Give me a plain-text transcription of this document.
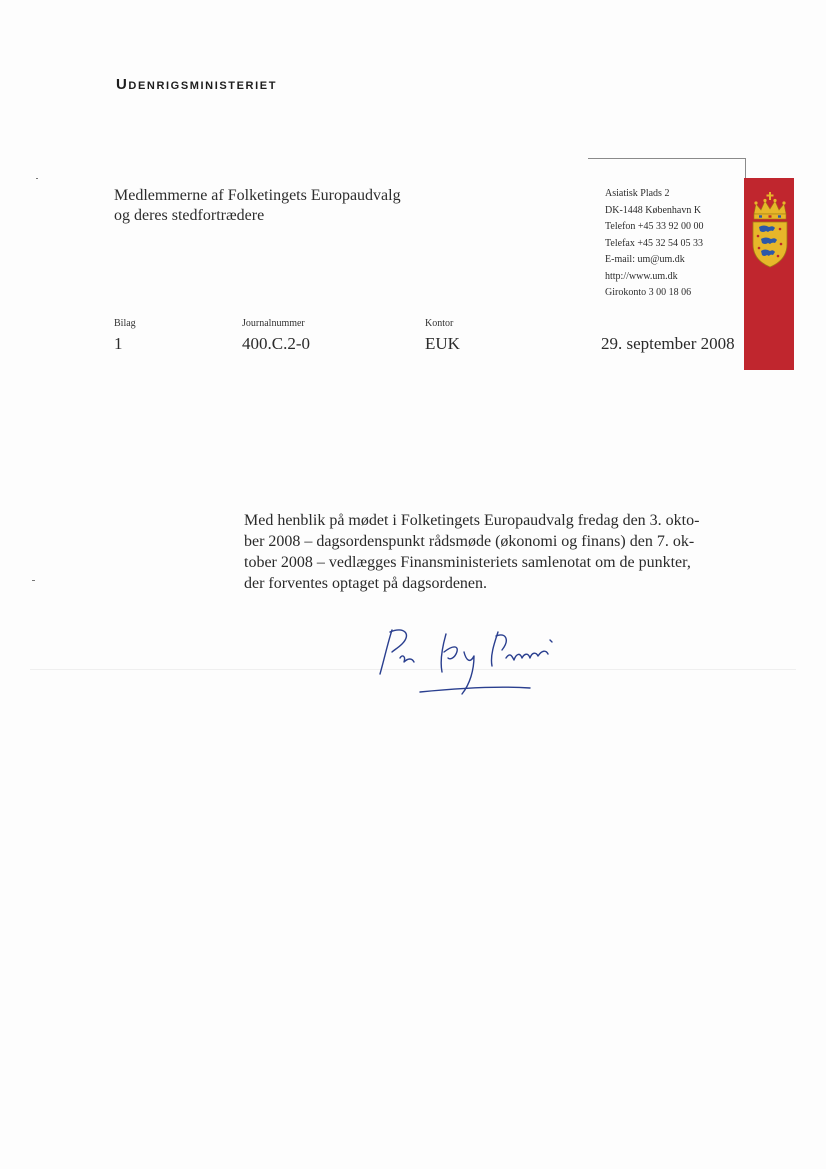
Udenrigsministeriet
Medlemmerne af Folketingets Europaudvalg
og deres stedfortrædere
Asiatisk Plads 2
DK-1448 København K
Telefon +45 33 92 00 00
Telefax +45 32 54 05 33
E-mail: um@um.dk
http://www.um.dk
Girokonto 3 00 18 06
Bilag
1
Journalnummer
400.C.2-0
Kontor
EUK	29. september 2008
Med henblik på mødet i Folketingets Europaudvalg fredag den 3. okto-
ber 2008 – dagsordenspunkt rådsmøde (økonomi og finans) den 7. ok-
tober 2008 – vedlægges Finansministeriets samlenotat om de punkter,
der forventes optaget på dagsordenen.
